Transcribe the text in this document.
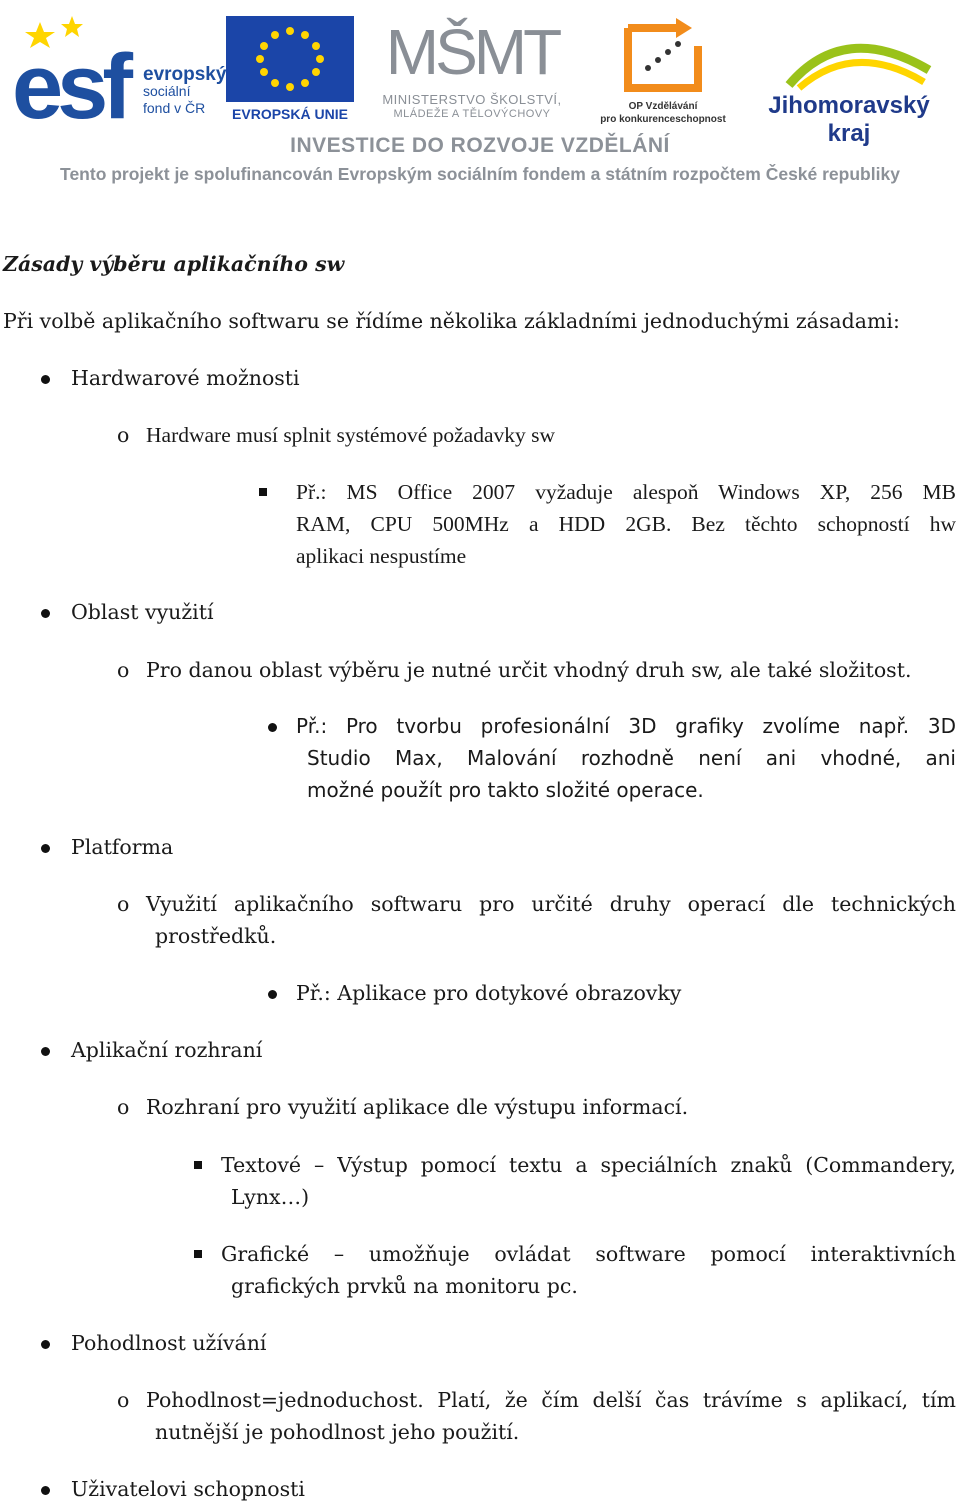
esf evropský
sociální
fond v ČR	EVROPSKÁ UNIE
MŠMT
MINISTERSTVO ŠKOLSTVÍ,
MLÁDEŽE A TĚLOVÝCHOVY
OP Vzdělávání
pro konkurenceschopnost
Jihomoravský kraj
INVESTICE DO ROZVOJE VZDĚLÁNÍ
Tento projekt je spolufinancován Evropským sociálním fondem a státním rozpočtem České republiky
Zásady výběru aplikačního sw
Při volbě aplikačního softwaru se řídíme několika základními jednoduchými zásadami:
Hardwarové možnosti
o Hardware musí splnit systémové požadavky sw
Př.: MS Office 2007 vyžaduje alespoň Windows XP, 256 MB
RAM, CPU 500MHz a HDD 2GB. Bez těchto schopností hw
aplikaci nespustíme
Oblast využití
o Pro danou oblast výběru je nutné určit vhodný druh sw, ale také složitost.
Př.: Pro tvorbu profesionální 3D grafiky zvolíme např. 3D
Studio Max, Malování rozhodně není ani vhodné, ani
možné použít pro takto složité operace.
Platforma
o Využití aplikačního softwaru pro určité druhy operací dle technických
prostředků.
Př.: Aplikace pro dotykové obrazovky
Aplikační rozhraní
o Rozhraní pro využití aplikace dle výstupu informací.
Textové – Výstup pomocí textu a speciálních znaků (Commandery,
Lynx…)
Grafické – umožňuje ovládat software pomocí interaktivních
grafických prvků na monitoru pc.
Pohodlnost užívání
o Pohodlnost=jednoduchost. Platí, že čím delší čas trávíme s aplikací, tím
nutnější je pohodlnost jeho použití.
Uživatelovi schopnosti
